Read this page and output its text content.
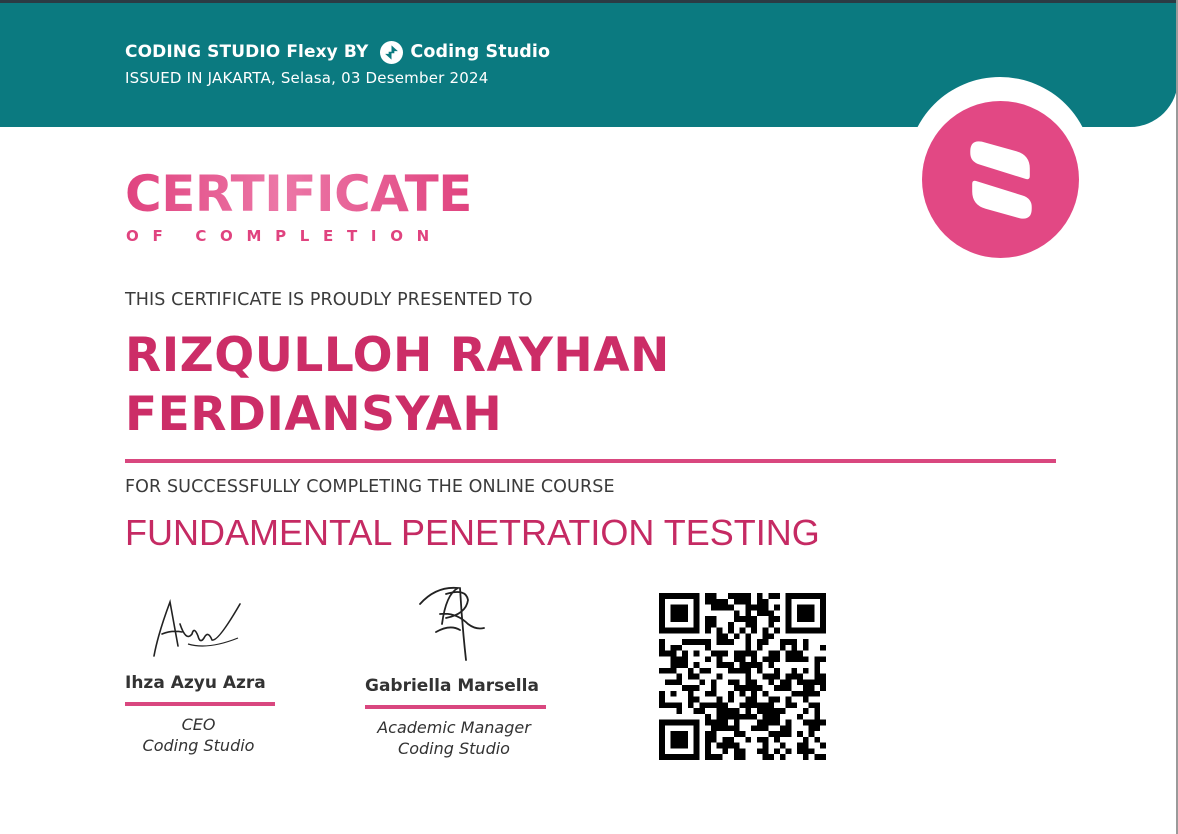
CODING STUDIO Flexy BY Coding Studio
ISSUED IN JAKARTA, Selasa, 03 Desember 2024
CERTIFICATE
OF COMPLETION
THIS CERTIFICATE IS PROUDLY PRESENTED TO
RIZQULLOH RAYHAN
FERDIANSYAH
FOR SUCCESSFULLY COMPLETING THE ONLINE COURSE
FUNDAMENTAL PENETRATION TESTING
Ihza Azyu Azra
CEO
Coding Studio
Gabriella Marsella
Academic Manager
Coding Studio
